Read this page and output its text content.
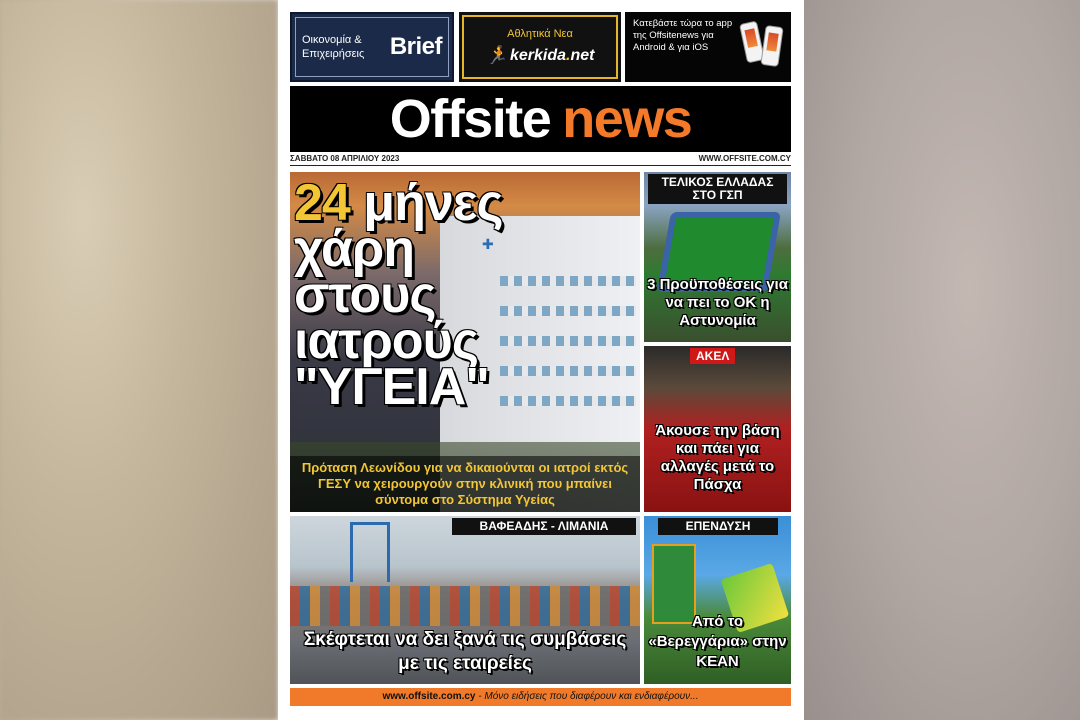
Οικονομία & Επιχειρήσεις	Brief	Αθλητικά Νεα
🏃 kerkida . net
Κατεβάστε τώρα το app της Offsitenews για Android & για iOS
Offsite news
ΣΑΒΒΑΤΟ 08 ΑΠΡΙΛΙΟΥ 2023	WWW.OFFSITE.COM.CY
✚
24 μήνες
χάρη
στους
ιατρούς
"ΥΓΕΙΑ"
Πρόταση Λεωνίδου για να δικαιούνται οι ιατροί εκτός ΓΕΣΥ να χειρουργούν στην κλινική που μπαίνει σύντομα στο Σύστημα Υγείας
ΤΕΛΙΚΟΣ ΕΛΛΑΔΑΣ ΣΤΟ ΓΣΠ
3 Προϋποθέσεις για να πει το ΟΚ η Αστυνομία
ΑΚΕΛ
Άκουσε την βάση και πάει για αλλαγές μετά το Πάσχα
ΒΑΦΕΑΔΗΣ - ΛΙΜΑΝΙΑ
Σκέφτεται να δει ξανά τις συμβάσεις με τις εταιρείες
ΕΠΕΝΔΥΣΗ
Από το «Βερεγγάρια» στην ΚΕΑΝ
www.offsite.com.cy - Μόνο ειδήσεις που διαφέρουν και ενδιαφέρουν...
